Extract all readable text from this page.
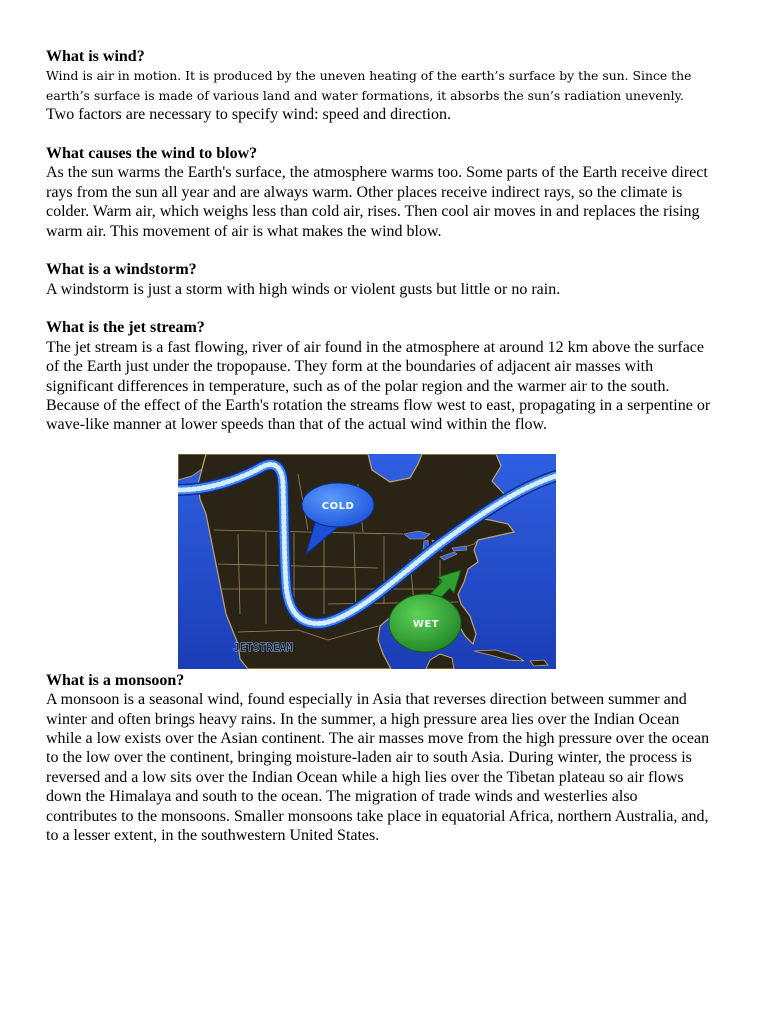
What is wind?
Wind is air in motion. It is produced by the uneven heating of the earth’s surface by the sun. Since the
earth’s surface is made of various land and water formations, it absorbs the sun’s radiation unevenly.
Two factors are necessary to specify wind: speed and direction.
What causes the wind to blow?
As the sun warms the Earth's surface, the atmosphere warms too. Some parts of the Earth receive direct
rays from the sun all year and are always warm. Other places receive indirect rays, so the climate is
colder. Warm air, which weighs less than cold air, rises. Then cool air moves in and replaces the rising
warm air. This movement of air is what makes the wind blow.
What is a windstorm?
A windstorm is just a storm with high winds or violent gusts but little or no rain.
What is the jet stream?
The jet stream is a fast flowing, river of air found in the atmosphere at around 12 km above the surface
of the Earth just under the tropopause. They form at the boundaries of adjacent air masses with
significant differences in temperature, such as of the polar region and the warmer air to the south.
Because of the effect of the Earth's rotation the streams flow west to east, propagating in a serpentine or
wave-like manner at lower speeds than that of the actual wind within the flow.
COLD
WET
JETSTREAM
What is a monsoon?
A monsoon is a seasonal wind, found especially in Asia that reverses direction between summer and
winter and often brings heavy rains. In the summer, a high pressure area lies over the Indian Ocean
while a low exists over the Asian continent. The air masses move from the high pressure over the ocean
to the low over the continent, bringing moisture-laden air to south Asia. During winter, the process is
reversed and a low sits over the Indian Ocean while a high lies over the Tibetan plateau so air flows
down the Himalaya and south to the ocean. The migration of trade winds and westerlies also
contributes to the monsoons. Smaller monsoons take place in equatorial Africa, northern Australia, and,
to a lesser extent, in the southwestern United States.
